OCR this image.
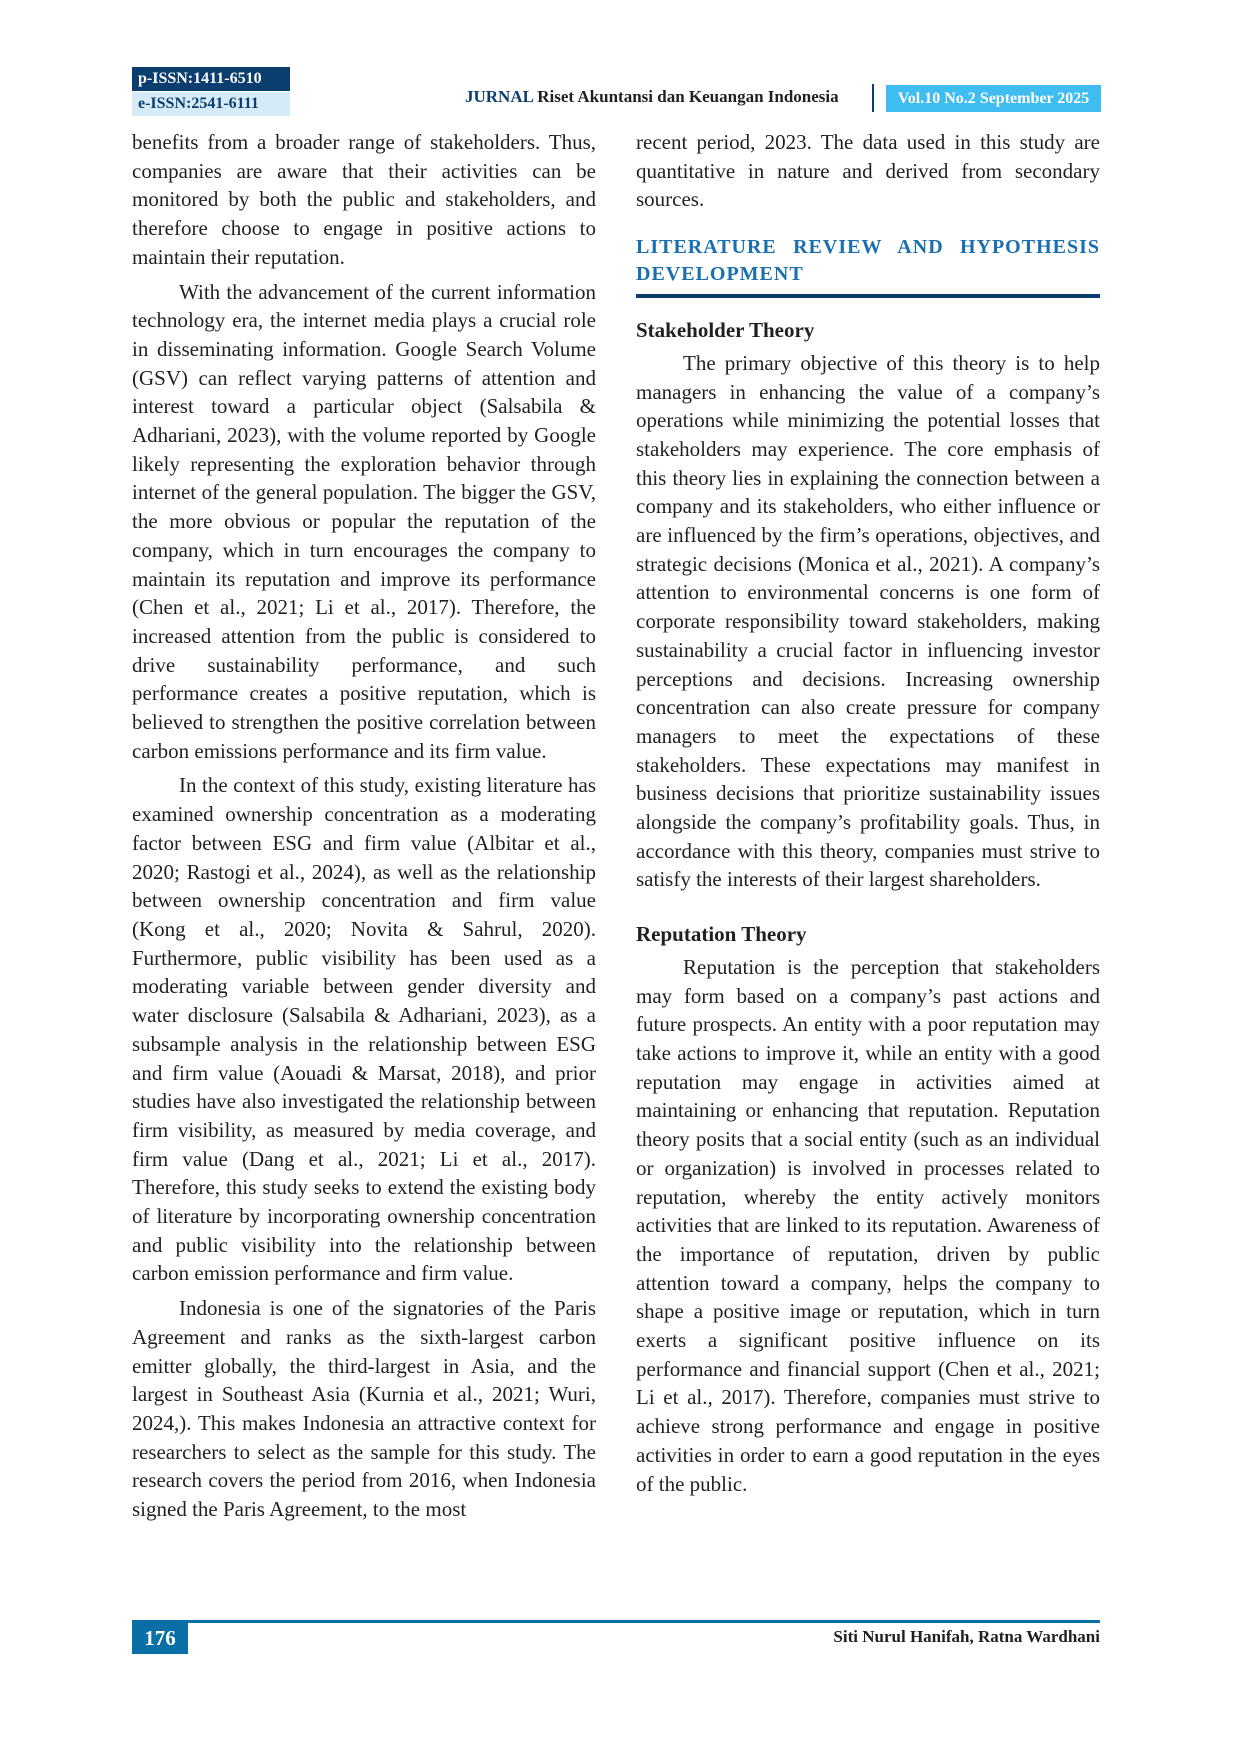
p-ISSN:1411-6510
e-ISSN:2541-6111	JURNAL Riset Akuntansi dan Keuangan Indonesia	Vol.10 No.2 September 2025

benefits from a broader range of stakeholders. Thus, companies are aware that their activities can be monitored by both the public and stakeholders, and therefore choose to engage in positive actions to maintain their reputation.

With the advancement of the current information technology era, the internet media plays a crucial role in disseminating information. Google Search Volume (GSV) can reflect varying patterns of attention and interest toward a particular object (Salsabila & Adhariani, 2023), with the volume reported by Google likely representing the exploration behavior through internet of the general population. The bigger the GSV, the more obvious or popular the reputation of the company, which in turn encourages the company to maintain its reputation and improve its performance (Chen et al., 2021; Li et al., 2017). Therefore, the increased attention from the public is considered to drive sustainability performance, and such performance creates a positive reputation, which is believed to strengthen the positive correlation between carbon emissions performance and its firm value.

In the context of this study, existing literature has examined ownership concentration as a moderating factor between ESG and firm value (Albitar et al., 2020; Rastogi et al., 2024), as well as the relationship between ownership concentration and firm value (Kong et al., 2020; Novita & Sahrul, 2020). Furthermore, public visibility has been used as a moderating variable between gender diversity and water disclosure (Salsabila & Adhariani, 2023), as a subsample analysis in the relationship between ESG and firm value (Aouadi & Marsat, 2018), and prior studies have also investigated the relationship between firm visibility, as measured by media coverage, and firm value (Dang et al., 2021; Li et al., 2017). Therefore, this study seeks to extend the existing body of literature by incorporating ownership concentration and public visibility into the relationship between carbon emission performance and firm value.

Indonesia is one of the signatories of the Paris Agreement and ranks as the sixth-largest carbon emitter globally, the third-largest in Asia, and the largest in Southeast Asia (Kurnia et al., 2021; Wuri, 2024,). This makes Indonesia an attractive context for researchers to select as the sample for this study. The research covers the period from 2016, when Indonesia signed the Paris Agreement, to the most

recent period, 2023. The data used in this study are quantitative in nature and derived from secondary sources.

LITERATURE REVIEW AND HYPOTHESIS DEVELOPMENT
Stakeholder Theory

The primary objective of this theory is to help managers in enhancing the value of a company’s operations while minimizing the potential losses that stakeholders may experience. The core emphasis of this theory lies in explaining the connection between a company and its stakeholders, who either influence or are influenced by the firm’s operations, objectives, and strategic decisions (Monica et al., 2021). A company’s attention to environmental concerns is one form of corporate responsibility toward stakeholders, making sustainability a crucial factor in influencing investor perceptions and decisions. Increasing ownership concentration can also create pressure for company managers to meet the expectations of these stakeholders. These expectations may manifest in business decisions that prioritize sustainability issues alongside the company’s profitability goals. Thus, in accordance with this theory, companies must strive to satisfy the interests of their largest shareholders.

Reputation Theory

Reputation is the perception that stakeholders may form based on a company’s past actions and future prospects. An entity with a poor reputation may take actions to improve it, while an entity with a good reputation may engage in activities aimed at maintaining or enhancing that reputation. Reputation theory posits that a social entity (such as an individual or organization) is involved in processes related to reputation, whereby the entity actively monitors activities that are linked to its reputation. Awareness of the importance of reputation, driven by public attention toward a company, helps the company to shape a positive image or reputation, which in turn exerts a significant positive influence on its performance and financial support (Chen et al., 2021; Li et al., 2017). Therefore, companies must strive to achieve strong performance and engage in positive activities in order to earn a good reputation in the eyes of the public.

176	Siti Nurul Hanifah, Ratna Wardhani
